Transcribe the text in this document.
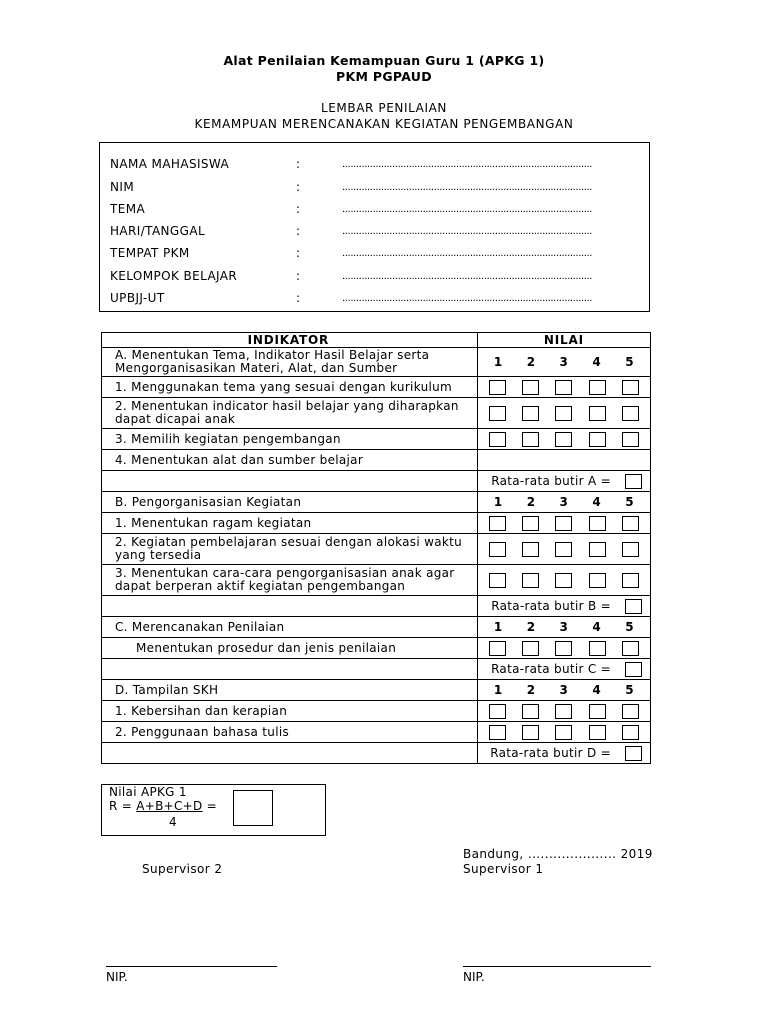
Alat Penilaian Kemampuan Guru 1 (APKG 1)
PKM PGPAUD
LEMBAR PENILAIAN
KEMAMPUAN MERENCANAKAN KEGIATAN PENGEMBANGAN
NAMA MAHASISWA	:	..........................................................................................
NIM	:	..........................................................................................
TEMA	:	..........................................................................................
HARI/TANGGAL	:	..........................................................................................
TEMPAT PKM	:	..........................................................................................
KELOMPOK BELAJAR	:	..........................................................................................
UPBJJ-UT	:	..........................................................................................
INDIKATOR	NILAI
A. Menentukan Tema, Indikator Hasil Belajar serta Mengorganisasikan Materi, Alat, dan Sumber	1 2 3 4 5

1. Menggunakan tema yang sesuai dengan kurikulum	

2. Menentukan indicator hasil belajar yang diharapkan dapat dicapai anak	

3. Memilih kegiatan pengembangan	

4. Menentukan alat dan sumber belajar	

	Rata-rata butir A =

B. Pengorganisasian Kegiatan	1 2 3 4 5

1. Menentukan ragam kegiatan	

2. Kegiatan pembelajaran sesuai dengan alokasi waktu yang tersedia	

3. Menentukan cara-cara pengorganisasian anak agar dapat berperan aktif kegiatan pengembangan	

	Rata-rata butir B =

C. Merencanakan Penilaian	1 2 3 4 5

Menentukan prosedur dan jenis penilaian	

	Rata-rata butir C =

D. Tampilan SKH	1 2 3 4 5

1. Kebersihan dan kerapian	

2. Penggunaan bahasa tulis	

	Rata-rata butir D =
Nilai APKG 1
R = A+B+C+D =
4
Bandung, ..................... 2019
Supervisor 1
Supervisor 2
NIP.	NIP.
